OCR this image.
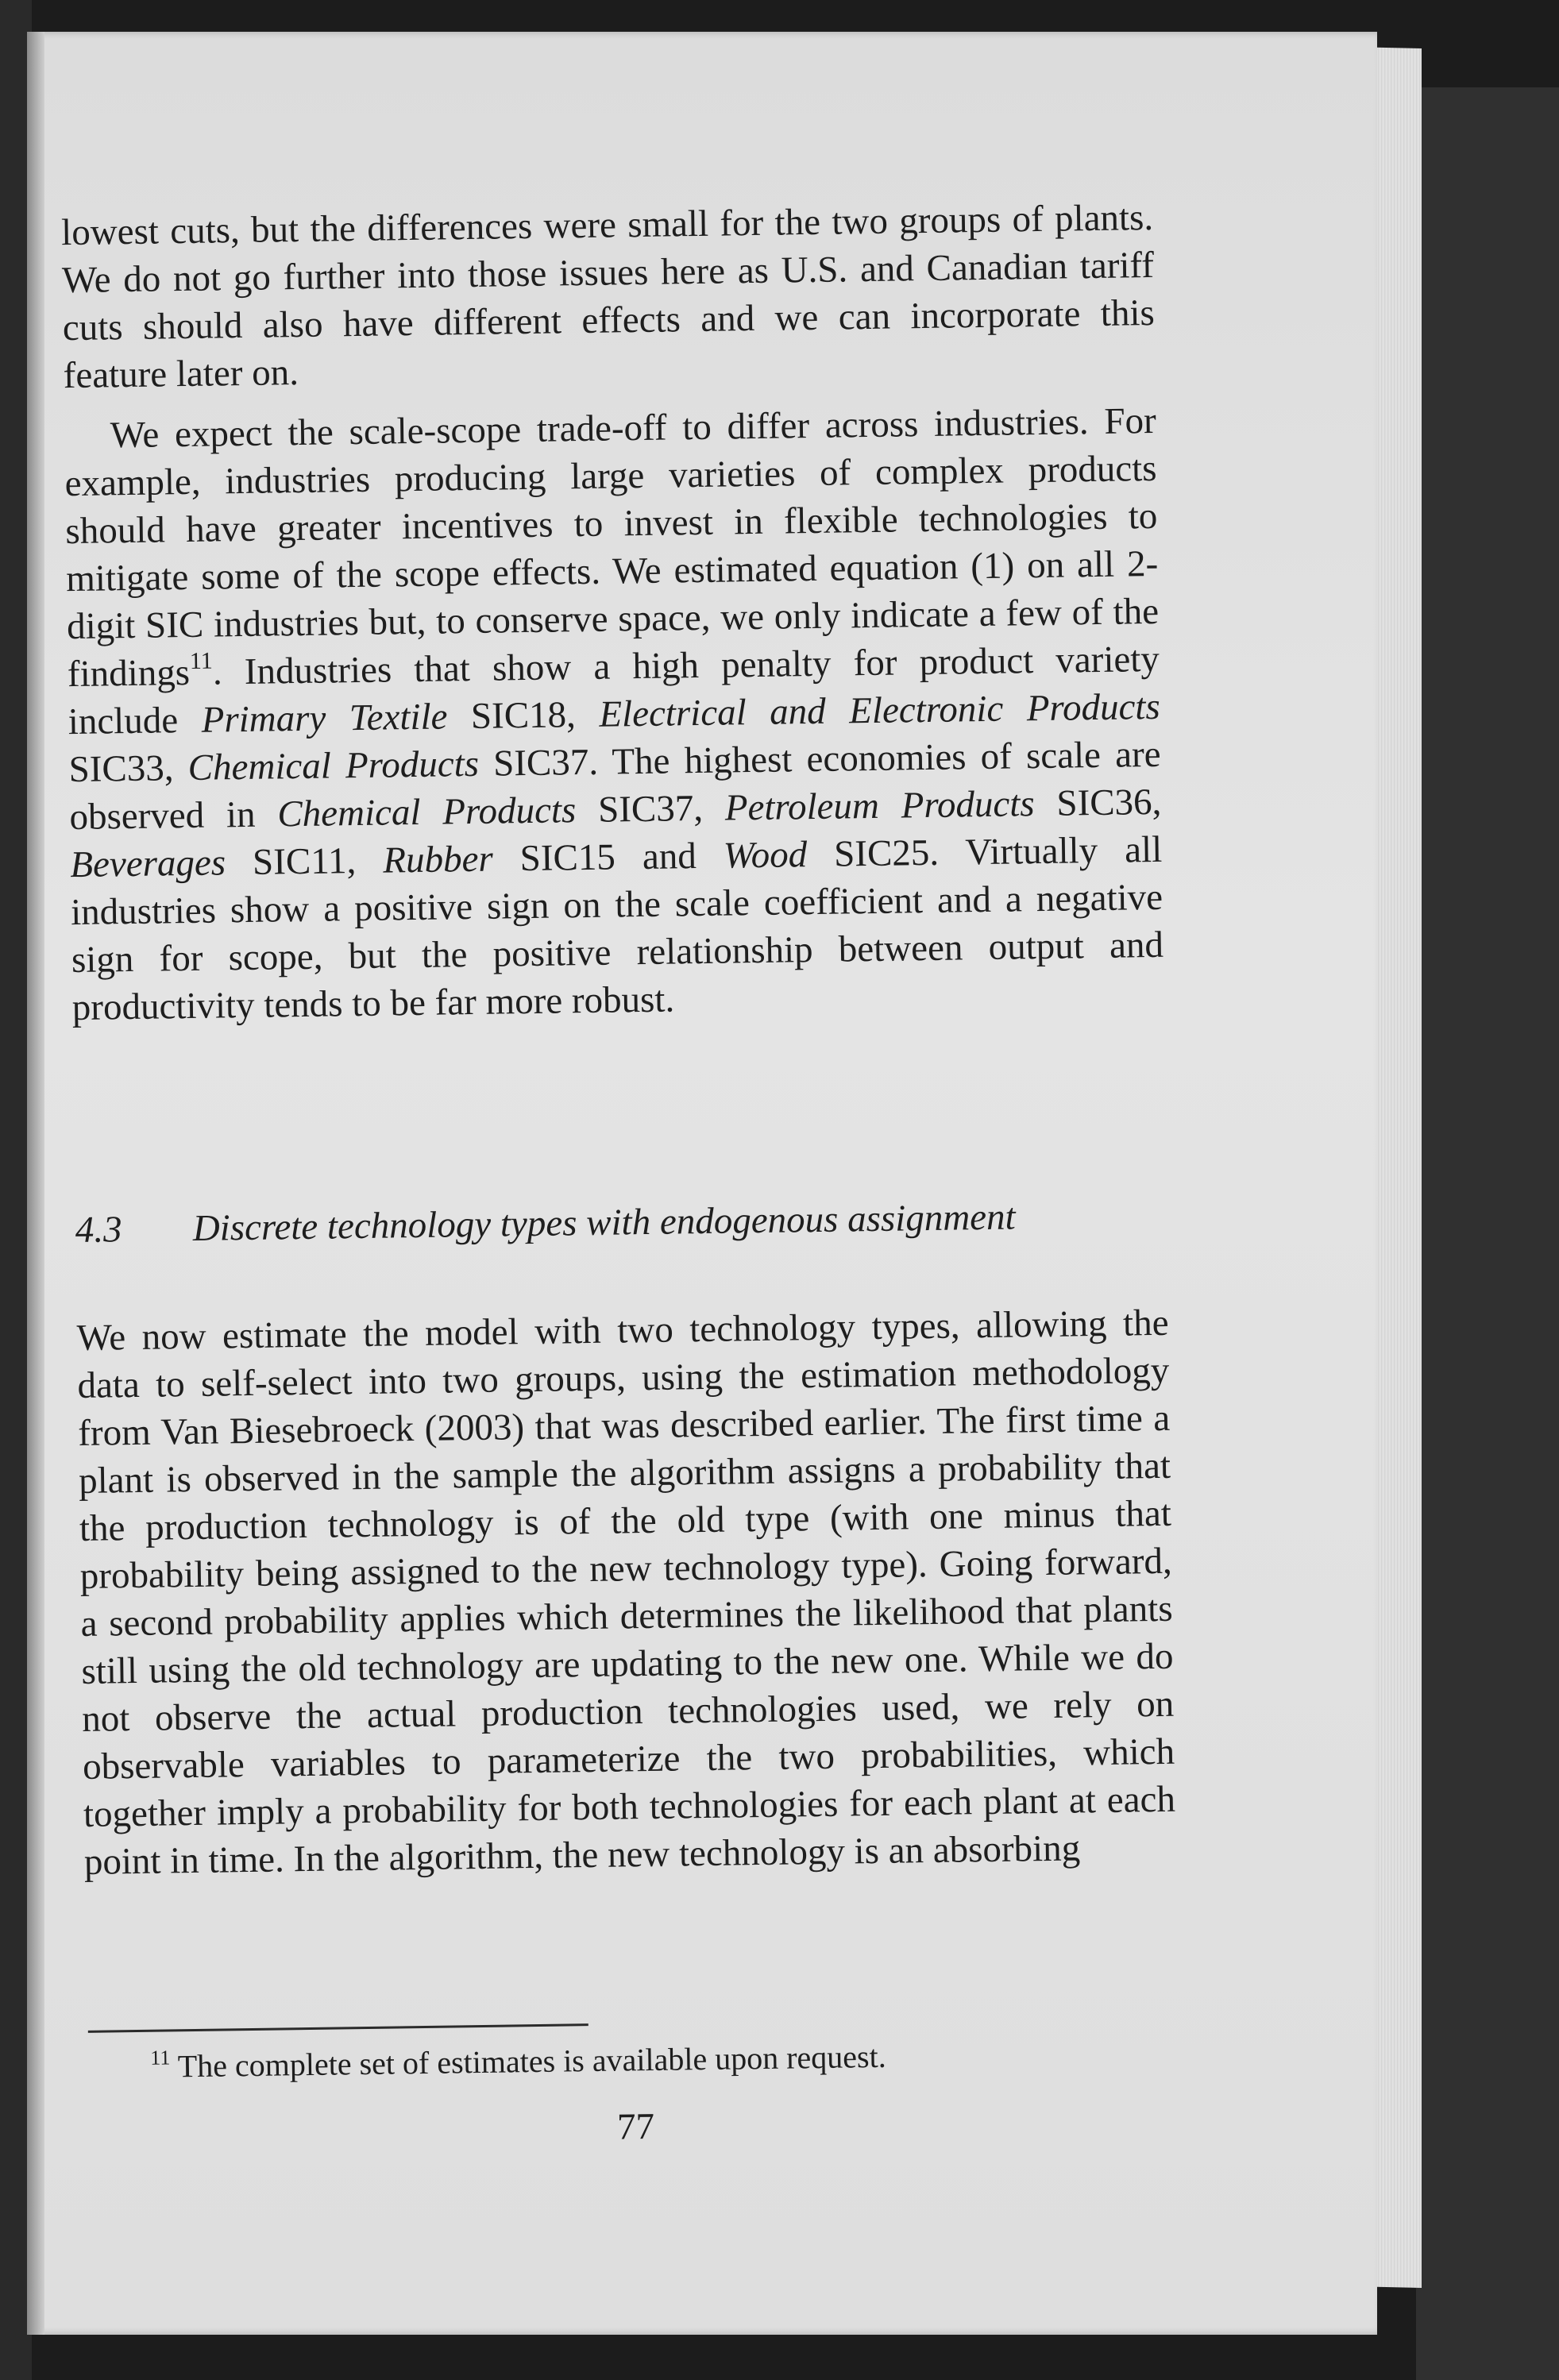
lowest cuts, but the differences were small for the two groups of plants. We do not go further into those issues here as U.S. and Canadian tariff cuts should also have different effects and we can incorporate this feature later on.

We expect the scale-scope trade-off to differ across industries. For example, industries producing large varieties of complex products should have greater incentives to invest in flexible technologies to mitigate some of the scope effects. We estimated equation (1) on all 2-digit SIC industries but, to conserve space, we only indicate a few of the findings$^{11}$. Industries that show a high penalty for product variety include Primary Textile SIC18, Electrical and Electronic Products SIC33, Chemical Products SIC37. The highest economies of scale are observed in Chemical Products SIC37, Petroleum Products SIC36, Beverages SIC11, Rubber SIC15 and Wood SIC25. Virtually all industries show a positive sign on the scale coefficient and a negative sign for scope, but the positive relationship between output and productivity tends to be far more robust.

4.3 Discrete technology types with endogenous assignment

We now estimate the model with two technology types, allowing the data to self-select into two groups, using the estimation methodology from Van Biesebroeck (2003) that was described earlier. The first time a plant is observed in the sample the algorithm assigns a probability that the production technology is of the old type (with one minus that probability being assigned to the new technology type). Going forward, a second probability applies which determines the likelihood that plants still using the old technology are updating to the new one. While we do not observe the actual production technologies used, we rely on observable variables to parameterize the two probabilities, which together imply a probability for both technologies for each plant at each point in time. In the algorithm, the new technology is an absorbing

$^{11}$ The complete set of estimates is available upon request.
77
